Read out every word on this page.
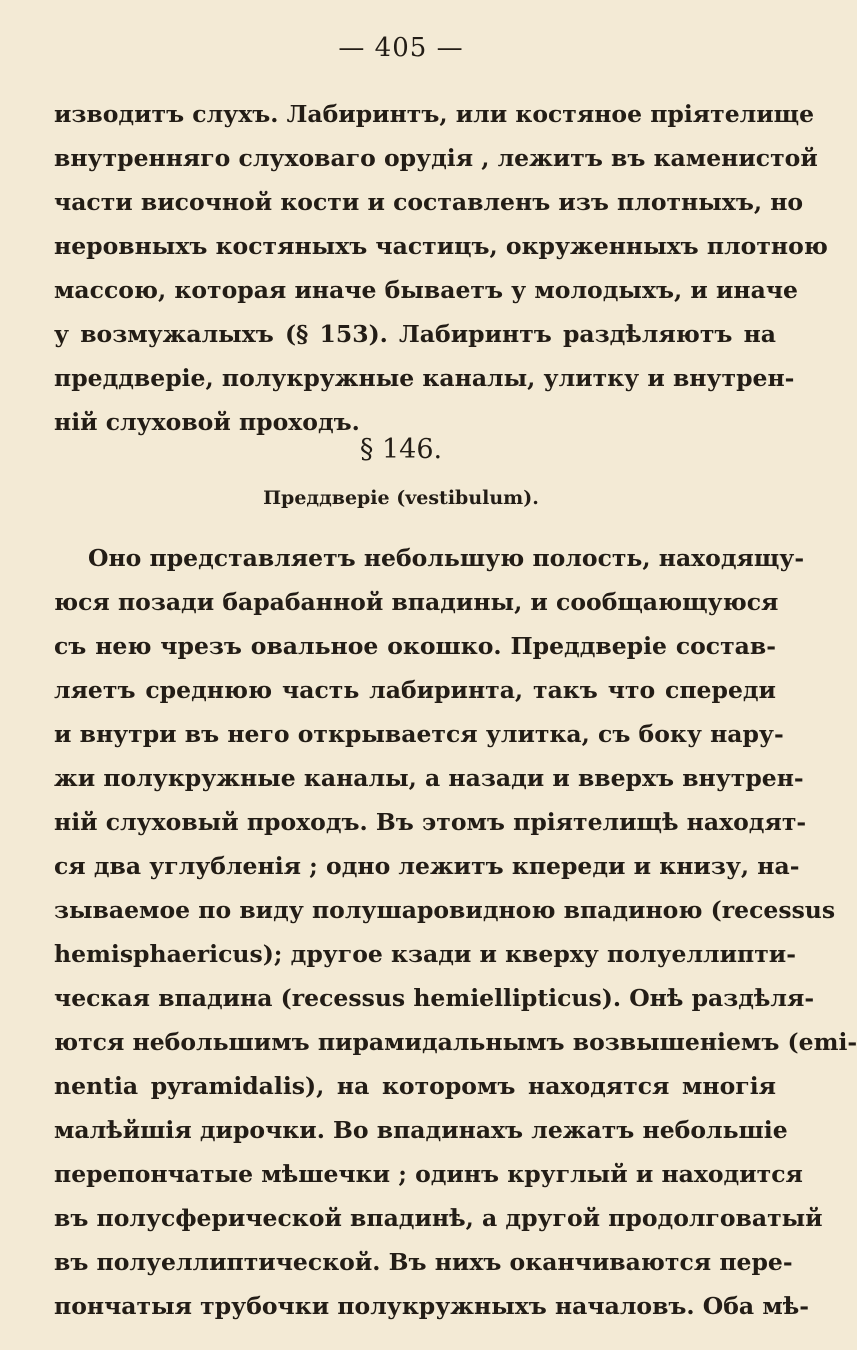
— 405 —
изводитъ слухъ. Лабиринтъ, или костяное пріятелище
внутренняго слуховаго орудія , лежитъ въ каменистой
части височной кости и составленъ изъ плотныхъ, но
неровныхъ костяныхъ частицъ, окруженныхъ плотною
массою, которая иначе бываетъ у молодыхъ, и иначе
у возмужалыхъ (§ 153). Лабиринтъ раздѣляютъ на
преддверіе, полукружные каналы, улитку и внутрен-
ній слуховой проходъ.
§ 146.
Преддверіе (vestibulum).
Оно представляетъ небольшую полость, находящу-
юся позади барабанной впадины, и сообщающуюся
съ нею чрезъ овальное окошко. Преддверіе состав-
ляетъ среднюю часть лабиринта, такъ что спереди
и внутри въ него открывается улитка, съ боку наpу-
жи полукружные каналы, а назади и вверхъ внутрен-
ній слуховый проходъ. Въ этомъ пріятелищѣ находят-
ся два углубленія ; одно лежитъ кпереди и книзу, на-
зываемое по виду полушаровидною впадиною (recessus
hemisphaericus); другое кзади и кверху полуеллипти-
ческая впадина (recessus hemiellipticus). Онѣ раздѣля-
ются небольшимъ пирамидальнымъ возвышеніемъ (emi-
nentia pyramidalis), на которомъ находятся многія
малѣйшія дирочки. Во впадинахъ лежатъ небольшіе
перепончатые мѣшечки ; одинъ круглый и находится
въ полусферической впадинѣ, а другой продолговатый
въ полуеллиптической. Въ нихъ оканчиваются пере-
пончатыя трубочки полукружныхъ началовъ. Оба мѣ-
